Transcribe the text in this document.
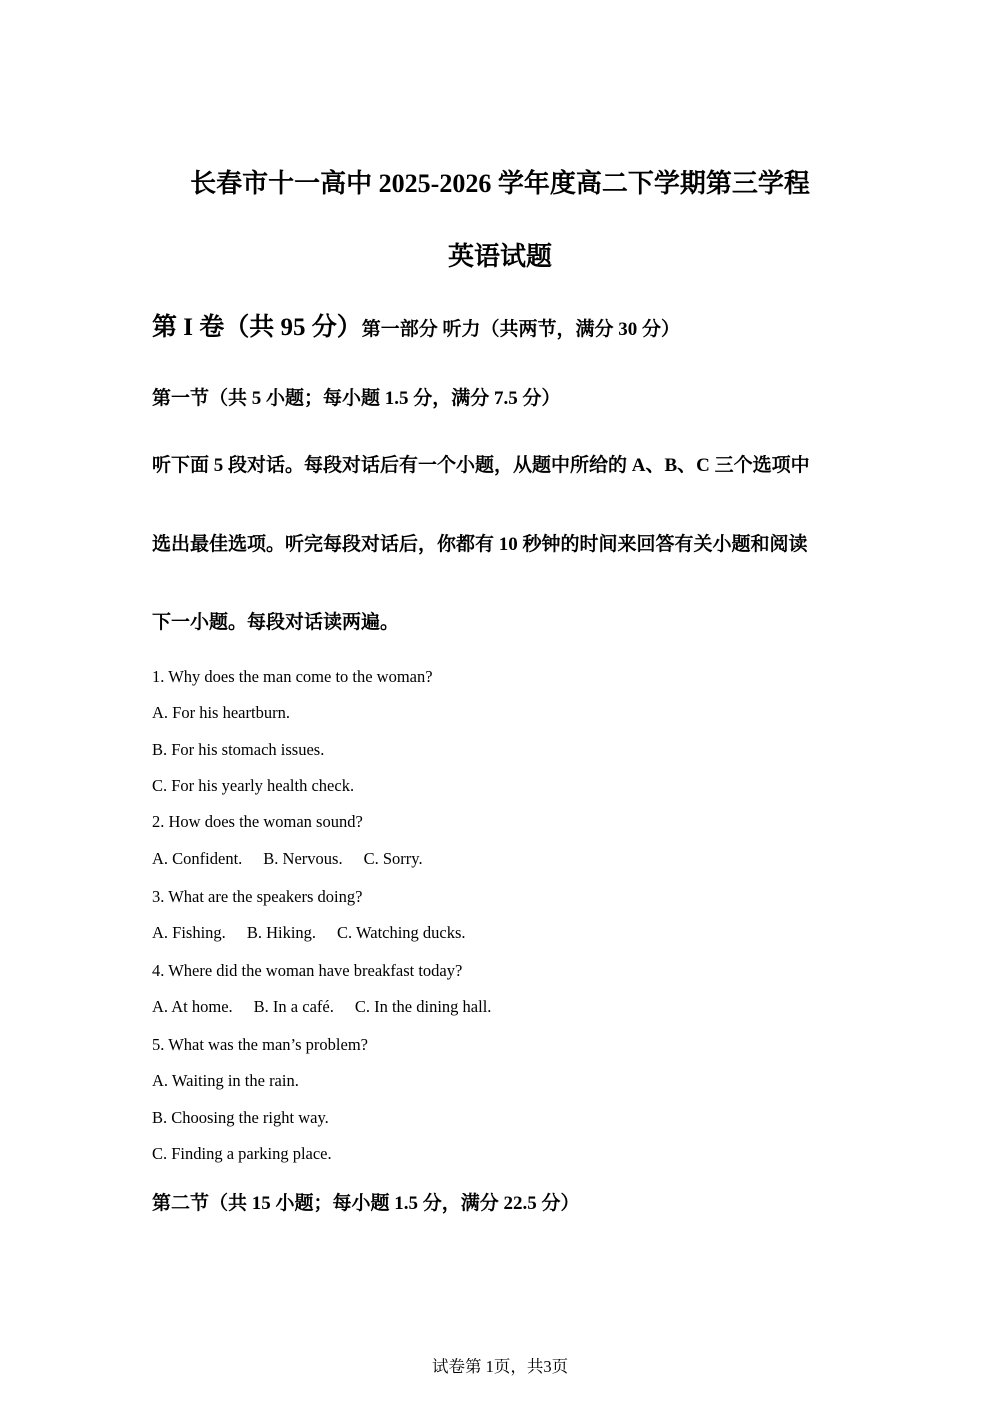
长春市十一高中 2025-2026 学年度高二下学期第三学程
英语试题
第 I 卷（共 95 分）第一部分 听力（共两节，满分 30 分）
第一节（共 5 小题；每小题 1.5 分，满分 7.5 分）
听下面 5 段对话。每段对话后有一个小题，从题中所给的 A、B、C 三个选项中
选出最佳选项。听完每段对话后，你都有 10 秒钟的时间来回答有关小题和阅读
下一小题。每段对话读两遍。
1. Why does the man come to the woman?
A. For his heartburn.
B. For his stomach issues.
C. For his yearly health check.
2. How does the woman sound?
A. Confident. B. Nervous. C. Sorry.
3. What are the speakers doing?
A. Fishing. B. Hiking. C. Watching ducks.
4. Where did the woman have breakfast today?
A. At home. B. In a café. C. In the dining hall.
5. What was the man’s problem?
A. Waiting in the rain.
B. Choosing the right way.
C. Finding a parking place.
第二节（共 15 小题；每小题 1.5 分，满分 22.5 分）
试卷第 1页，共3页
